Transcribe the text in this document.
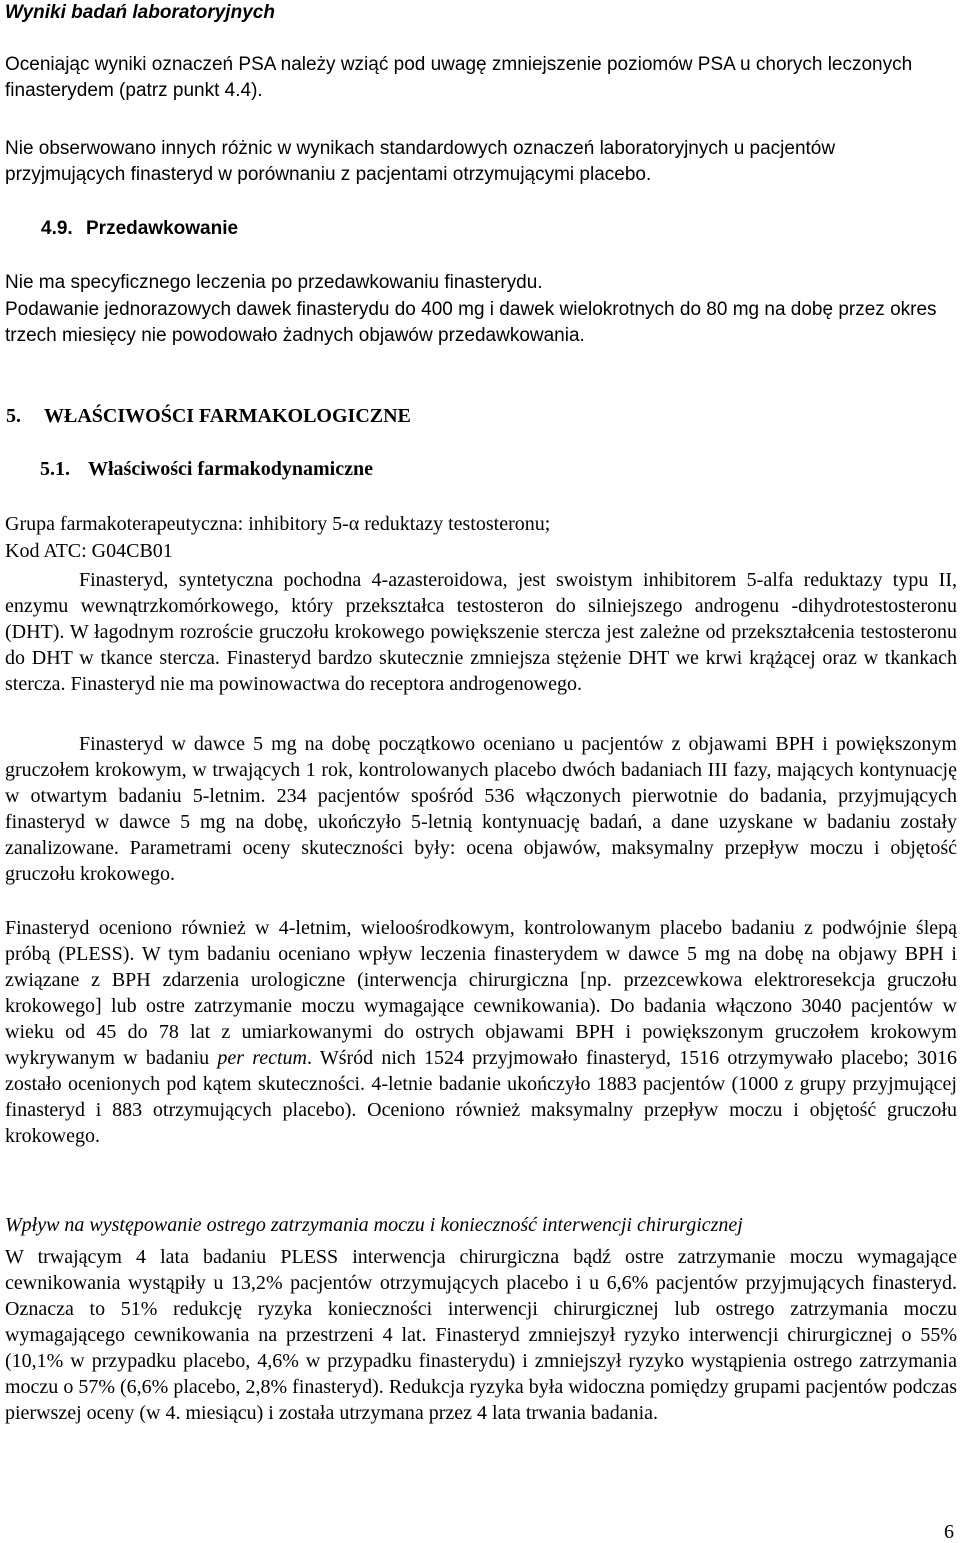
Wyniki badań laboratoryjnych

Oceniając wyniki oznaczeń PSA należy wziąć pod uwagę zmniejszenie poziomów PSA u chorych leczonych finasterydem (patrz punkt 4.4).

Nie obserwowano innych różnic w wynikach standardowych oznaczeń laboratoryjnych u pacjentów przyjmujących finasteryd w porównaniu z pacjentami otrzymującymi placebo.

4.9. Przedawkowanie

Nie ma specyficznego leczenia po przedawkowaniu finasterydu.

Podawanie jednorazowych dawek finasterydu do 400 mg i dawek wielokrotnych do 80 mg na dobę przez okres trzech miesięcy nie powodowało żadnych objawów przedawkowania.

5. WŁAŚCIWOŚCI FARMAKOLOGICZNE

5.1. Właściwości farmakodynamiczne

Grupa farmakoterapeutyczna: inhibitory 5-α reduktazy testosteronu;

Kod ATC: G04CB01

Finasteryd, syntetyczna pochodna 4-azasteroidowa, jest swoistym inhibitorem 5-alfa reduktazy typu II, enzymu wewnątrzkomórkowego, który przekształca testosteron do silniejszego androgenu -dihydrotestosteronu (DHT). W łagodnym rozroście gruczołu krokowego powiększenie stercza jest zależne od przekształcenia testosteronu do DHT w tkance stercza. Finasteryd bardzo skutecznie zmniejsza stężenie DHT we krwi krążącej oraz w tkankach stercza. Finasteryd nie ma powinowactwa do receptora androgenowego.

Finasteryd w dawce 5 mg na dobę początkowo oceniano u pacjentów z objawami BPH i powiększonym gruczołem krokowym, w trwających 1 rok, kontrolowanych placebo dwóch badaniach III fazy, mających kontynuację w otwartym badaniu 5-letnim. 234 pacjentów spośród 536 włączonych pierwotnie do badania, przyjmujących finasteryd w dawce 5 mg na dobę, ukończyło 5-letnią kontynuację badań, a dane uzyskane w badaniu zostały zanalizowane. Parametrami oceny skuteczności były: ocena objawów, maksymalny przepływ moczu i objętość gruczołu krokowego.

Finasteryd oceniono również w 4-letnim, wieloośrodkowym, kontrolowanym placebo badaniu z podwójnie ślepą próbą (PLESS). W tym badaniu oceniano wpływ leczenia finasterydem w dawce 5 mg na dobę na objawy BPH i związane z BPH zdarzenia urologiczne (interwencja chirurgiczna [np. przezcewkowa elektroresekcja gruczołu krokowego] lub ostre zatrzymanie moczu wymagające cewnikowania). Do badania włączono 3040 pacjentów w wieku od 45 do 78 lat z umiarkowanymi do ostrych objawami BPH i powiększonym gruczołem krokowym wykrywanym w badaniu per rectum. Wśród nich 1524 przyjmowało finasteryd, 1516 otrzymywało placebo; 3016 zostało ocenionych pod kątem skuteczności. 4-letnie badanie ukończyło 1883 pacjentów (1000 z grupy przyjmującej finasteryd i 883 otrzymujących placebo). Oceniono również maksymalny przepływ moczu i objętość gruczołu krokowego.

Wpływ na występowanie ostrego zatrzymania moczu i konieczność interwencji chirurgicznej

W trwającym 4 lata badaniu PLESS interwencja chirurgiczna bądź ostre zatrzymanie moczu wymagające cewnikowania wystąpiły u 13,2% pacjentów otrzymujących placebo i u 6,6% pacjentów przyjmujących finasteryd. Oznacza to 51% redukcję ryzyka konieczności interwencji chirurgicznej lub ostrego zatrzymania moczu wymagającego cewnikowania na przestrzeni 4 lat. Finasteryd zmniejszył ryzyko interwencji chirurgicznej o 55% (10,1% w przypadku placebo, 4,6% w przypadku finasterydu) i zmniejszył ryzyko wystąpienia ostrego zatrzymania moczu o 57% (6,6% placebo, 2,8% finasteryd). Redukcja ryzyka była widoczna pomiędzy grupami pacjentów podczas pierwszej oceny (w 4. miesiącu) i została utrzymana przez 4 lata trwania badania.

6
